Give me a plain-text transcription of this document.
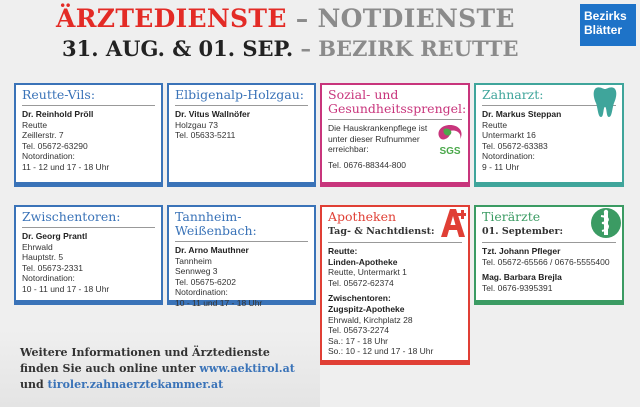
ÄRZTEDIENSTE – NOTDIENSTE
31. AUG. & 01. SEP. – BEZIRK REUTTE
Bezirks
Blätter
Reutte-Vils:
Dr. Reinhold Pröll
Reutte
Zeillerstr. 7
Tel. 05672-63290
Notordination:
11 - 12 und 17 - 18 Uhr
Elbigenalp-Holzgau:
Dr. Vitus Wallnöfer
Holzgau 73
Tel. 05633-5211
Sozial- und
Gesundheitssprengel:
Die Hauskrankenpflege ist
unter dieser Rufnummer
erreichbar:
Tel. 0676-88344-800
SGS
Zahnarzt:
Dr. Markus Steppan
Reutte
Untermarkt 16
Tel. 05672-63383
Notordination:
9 - 11 Uhr
Zwischentoren:
Dr. Georg Prantl
Ehrwald
Hauptstr. 5
Tel. 05673-2331
Notordination:
10 - 11 und 17 - 18 Uhr
Tannheim-
Weißenbach:
Dr. Arno Mauthner
Tannheim
Sennweg 3
Tel. 05675-6202
Notordination:
10 - 11 und 17 - 18 Uhr
Apotheken
Tag- & Nachtdienst:
Reutte:
Linden-Apotheke
Reutte, Untermarkt 1
Tel. 05672-62374
Zwischentoren:
Zugspitz-Apotheke
Ehrwald, Kirchplatz 28
Tel. 05673-2274
Sa.: 17 - 18 Uhr
So.: 10 - 12 und 17 - 18 Uhr
Tierärzte
01. September:
Tzt. Johann Pfleger
Tel. 05672-65566 / 0676-5555400
Mag. Barbara Brejla
Tel. 0676-9395391
Weitere Informationen und Ärztedienste
finden Sie auch online unter www.aektirol.at
und tiroler.zahnaerztekammer.at
